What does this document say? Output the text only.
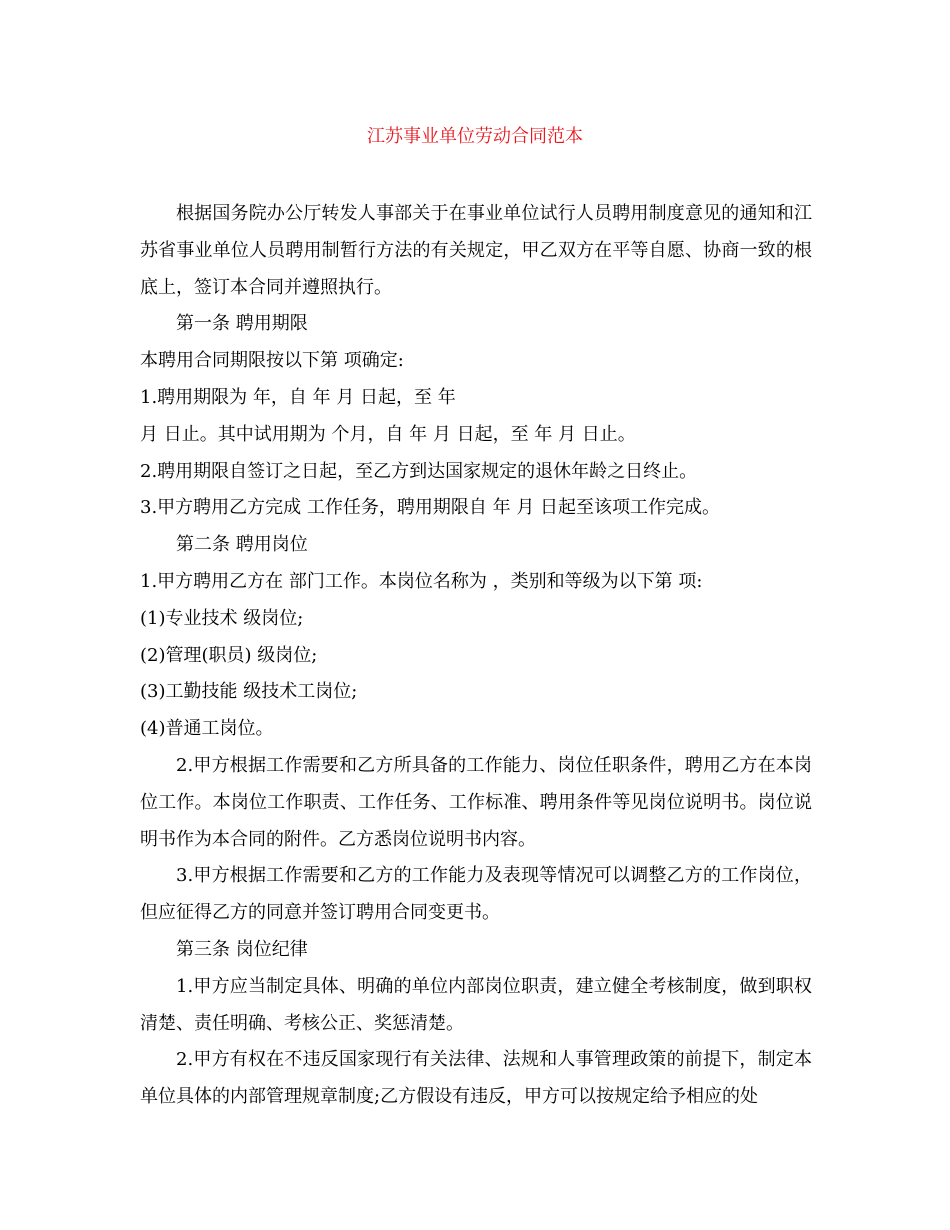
江苏事业单位劳动合同范本

根据国务院办公厅转发人事部关于在事业单位试行人员聘用制度意见的通知和江苏省事业单位人员聘用制暂行方法的有关规定，甲乙双方在平等自愿、协商一致的根底上，签订本合同并遵照执行。

第一条 聘用期限
本聘用合同期限按以下第 项确定:
1.聘用期限为 年，自 年 月 日起，至 年
月 日止。其中试用期为 个月，自 年 月 日起，至 年 月 日止。
2.聘用期限自签订之日起，至乙方到达国家规定的退休年龄之日终止。
3.甲方聘用乙方完成 工作任务，聘用期限自 年 月 日起至该项工作完成。
第二条 聘用岗位
1.甲方聘用乙方在 部门工作。本岗位名称为 ，类别和等级为以下第 项:
(1)专业技术 级岗位;
(2)管理(职员) 级岗位;
(3)工勤技能 级技术工岗位;
(4)普通工岗位。

2.甲方根据工作需要和乙方所具备的工作能力、岗位任职条件，聘用乙方在本岗位工作。本岗位工作职责、工作任务、工作标准、聘用条件等见岗位说明书。岗位说明书作为本合同的附件。乙方悉岗位说明书内容。

3.甲方根据工作需要和乙方的工作能力及表现等情况可以调整乙方的工作岗位，但应征得乙方的同意并签订聘用合同变更书。

第三条 岗位纪律

1.甲方应当制定具体、明确的单位内部岗位职责，建立健全考核制度，做到职权清楚、责任明确、考核公正、奖惩清楚。

2.甲方有权在不违反国家现行有关法律、法规和人事管理政策的前提下，制定本单位具体的内部管理规章制度;乙方假设有违反，甲方可以按规定给予相应的处
